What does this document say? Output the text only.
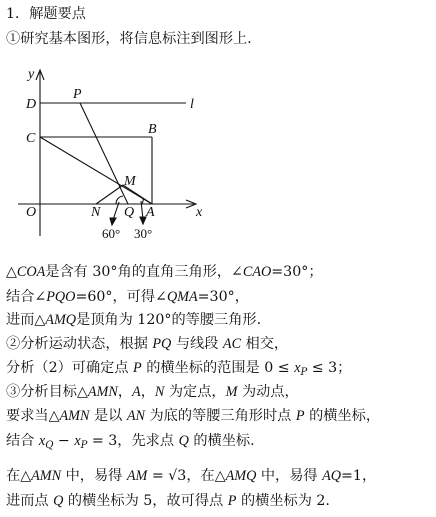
1．解题要点
①研究基本图形，将信息标注到图形上．
y
x
D	l
P
C
B
M
O	N Q A
60° 30°
△COA是含有 30°角的直角三角形，∠CAO=30°；
结合∠PQO=60°，可得∠QMA=30°，
进而△AMQ是顶角为 120°的等腰三角形.
②分析运动状态，根据 PQ 与线段 AC 相交，
分析（2）可确定点 P 的横坐标的范围是 $0 \le x_P \le 3$；
③分析目标△AMN，A，N 为定点，M 为动点，
要求当△AMN 是以 AN 为底的等腰三角形时点 P 的横坐标，
结合 $x_Q - x_P = 3$，先求点 Q 的横坐标.
在△AMN 中，易得 AM = √3，在△AMQ 中，易得 AQ=1，
进而点 Q 的横坐标为 5，故可得点 P 的横坐标为 2.
